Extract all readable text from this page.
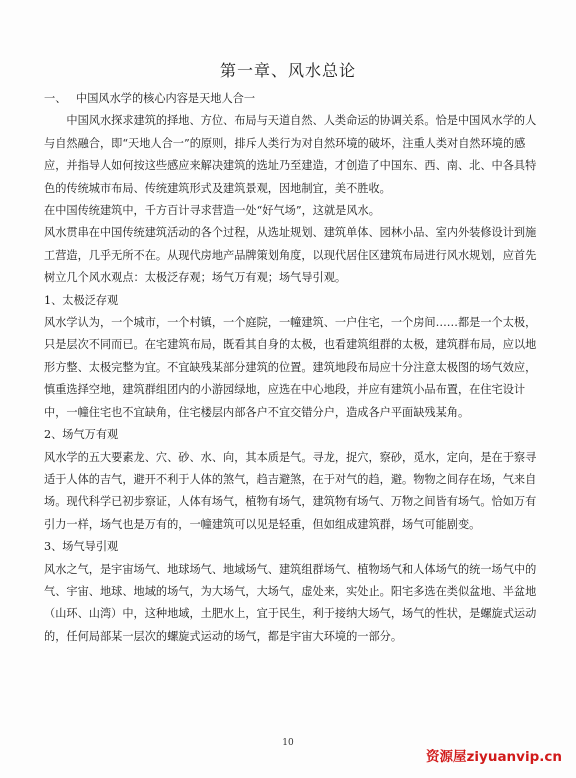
第一章、风水总论

一、 中国风水学的核心内容是天地人合一

中国风水探求建筑的择地、方位、布局与天道自然、人类命运的协调关系。恰是中国风水学的人与自然融合，即“天地人合一”的原则，排斥人类行为对自然环境的破坏，注重人类对自然环境的感应，并指导人如何按这些感应来解决建筑的选址乃至建造，才创造了中国东、西、南、北、中各具特色的传统城市布局、传统建筑形式及建筑景观，因地制宜，美不胜收。

在中国传统建筑中，千方百计寻求营造一处“好气场”，这就是风水。

风水贯串在中国传统建筑活动的各个过程，从选址规划、建筑单体、园林小品、室内外装修设计到施工营造，几乎无所不在。从现代房地产品牌策划角度，以现代居住区建筑布局进行风水规划，应首先树立几个风水观点：太极泛存观；场气万有观；场气导引观。

1、太极泛存观

风水学认为，一个城市，一个村镇，一个庭院，一幢建筑、一户住宅，一个房间……都是一个太极，只是层次不同而已。在宅建筑布局，既看其自身的太极，也看建筑组群的太极，建筑群布局，应以地形方整、太极完整为宜。不宜缺残某部分建筑的位置。建筑地段布局应十分注意太极图的场气效应，慎重选择空地，建筑群组团内的小游园绿地，应选在中心地段，并应有建筑小品布置，在住宅设计中，一幢住宅也不宜缺角，住宅楼层内部各户不宜交错分户，造成各户平面缺残某角。

2、场气万有观

风水学的五大要素龙、穴、砂、水、向，其本质是气。寻龙，捉穴，察砂，觅水，定向，是在于察寻适于人体的吉气，避开不利于人体的煞气，趋吉避煞，在于对气的趋，避。物物之间存在场，气来自场。现代科学已初步察证，人体有场气，植物有场气，建筑物有场气、万物之间皆有场气。恰如万有引力一样，场气也是万有的，一幢建筑可以见是轻重，但如组成建筑群，场气可能剧变。

3、场气导引观

风水之气，是宇宙场气、地球场气、地域场气、建筑组群场气、植物场气和人体场气的统一场气中的气、宇宙、地球、地域的场气，为大场气，大场气，虚处来，实处止。阳宅多选在类似盆地、半盆地（山环、山湾）中，这种地域，土肥水上，宜于民生，利于接纳大场气，场气的性状，是螺旋式运动的，任何局部某一层次的螺旋式运动的场气，都是宇宙大环境的一部分。

10
资源屋ziyuanvip.cn
